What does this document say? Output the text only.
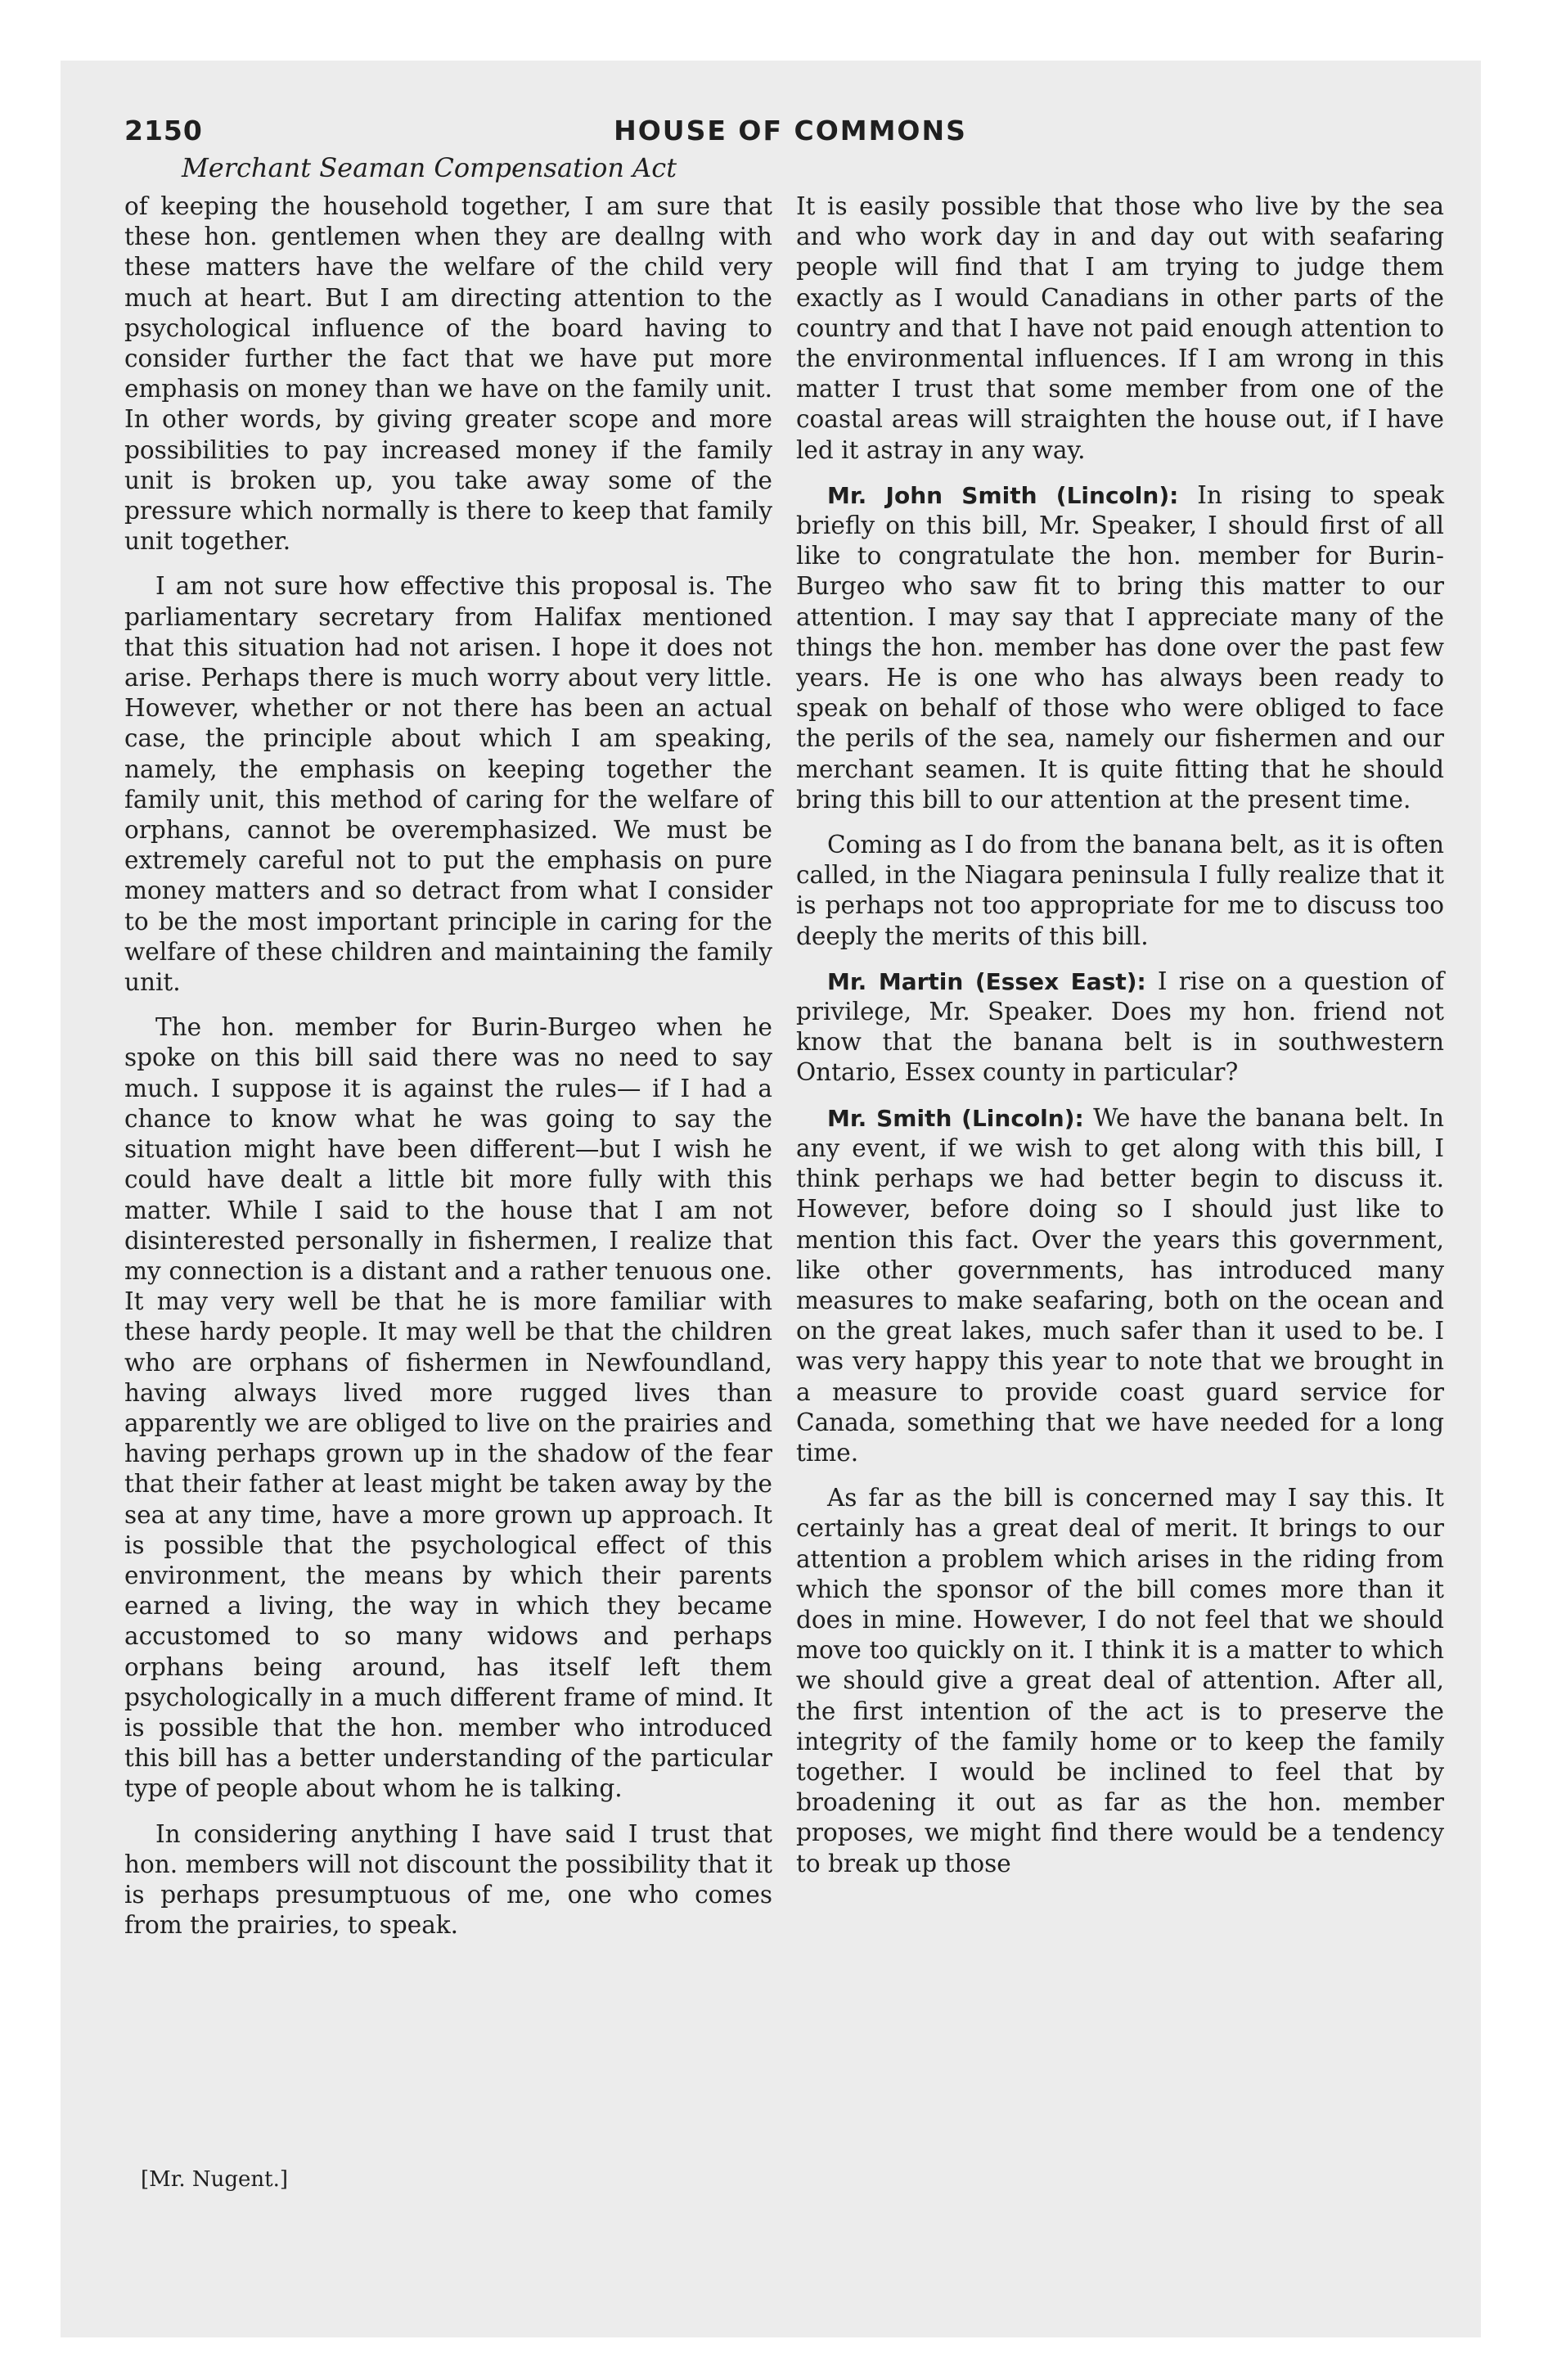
2150	HOUSE OF COMMONS
Merchant Seaman Compensation Act

of keeping the household together, I am sure that these hon. gentlemen when they are deallng with these matters have the welfare of the child very much at heart. But I am directing attention to the psychological influence of the board having to consider further the fact that we have put more emphasis on money than we have on the family unit. In other words, by giving greater scope and more possibilities to pay increased money if the family unit is broken up, you take away some of the pressure which normally is there to keep that family unit together.

I am not sure how effective this proposal is. The parliamentary secretary from Halifax mentioned that this situation had not arisen. I hope it does not arise. Perhaps there is much worry about very little. However, whether or not there has been an actual case, the principle about which I am speaking, namely, the emphasis on keeping together the family unit, this method of caring for the welfare of orphans, cannot be overemphasized. We must be extremely careful not to put the emphasis on pure money matters and so detract from what I consider to be the most important principle in caring for the welfare of these children and maintaining the family unit.

The hon. member for Burin-Burgeo when he spoke on this bill said there was no need to say much. I suppose it is against the rules— if I had a chance to know what he was going to say the situation might have been different—but I wish he could have dealt a little bit more fully with this matter. While I said to the house that I am not disinterested personally in fishermen, I realize that my connection is a distant and a rather tenuous one. It may very well be that he is more familiar with these hardy people. It may well be that the children who are orphans of fishermen in Newfoundland, having always lived more rugged lives than apparently we are obliged to live on the prairies and having perhaps grown up in the shadow of the fear that their father at least might be taken away by the sea at any time, have a more grown up approach. It is possible that the psychological effect of this environment, the means by which their parents earned a living, the way in which they became accustomed to so many widows and perhaps orphans being around, has itself left them psychologically in a much different frame of mind. It is possible that the hon. member who introduced this bill has a better understanding of the particular type of people about whom he is talking.

In considering anything I have said I trust that hon. members will not discount the possibility that it is perhaps presumptuous of me, one who comes from the prairies, to speak.

It is easily possible that those who live by the sea and who work day in and day out with seafaring people will find that I am trying to judge them exactly as I would Canadians in other parts of the country and that I have not paid enough attention to the environmental influences. If I am wrong in this matter I trust that some member from one of the coastal areas will straighten the house out, if I have led it astray in any way.

Mr. John Smith (Lincoln): In rising to speak briefly on this bill, Mr. Speaker, I should first of all like to congratulate the hon. member for Burin-Burgeo who saw fit to bring this matter to our attention. I may say that I appreciate many of the things the hon. member has done over the past few years. He is one who has always been ready to speak on behalf of those who were obliged to face the perils of the sea, namely our fishermen and our merchant seamen. It is quite fitting that he should bring this bill to our attention at the present time.

Coming as I do from the banana belt, as it is often called, in the Niagara peninsula I fully realize that it is perhaps not too appropriate for me to discuss too deeply the merits of this bill.

Mr. Martin (Essex East): I rise on a question of privilege, Mr. Speaker. Does my hon. friend not know that the banana belt is in southwestern Ontario, Essex county in particular?

Mr. Smith (Lincoln): We have the banana belt. In any event, if we wish to get along with this bill, I think perhaps we had better begin to discuss it. However, before doing so I should just like to mention this fact. Over the years this government, like other governments, has introduced many measures to make seafaring, both on the ocean and on the great lakes, much safer than it used to be. I was very happy this year to note that we brought in a measure to provide coast guard service for Canada, something that we have needed for a long time.

As far as the bill is concerned may I say this. It certainly has a great deal of merit. It brings to our attention a problem which arises in the riding from which the sponsor of the bill comes more than it does in mine. However, I do not feel that we should move too quickly on it. I think it is a matter to which we should give a great deal of attention. After all, the first intention of the act is to preserve the integrity of the family home or to keep the family together. I would be inclined to feel that by broadening it out as far as the hon. member proposes, we might find there would be a tendency to break up those

[Mr. Nugent.]
